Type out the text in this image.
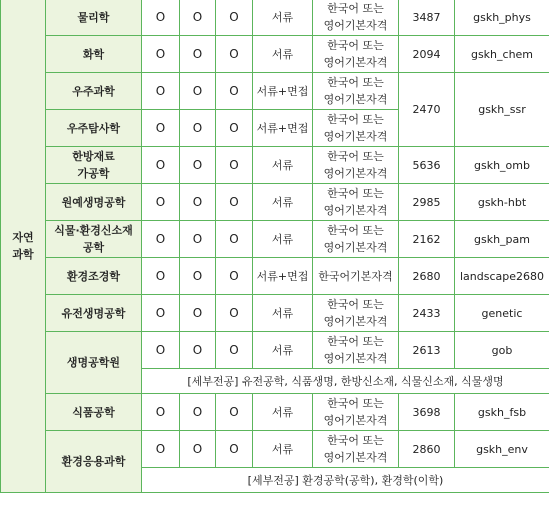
자연
과학	물리학	O	O	O	서류	한국어 또는
영어기본자격	3487	gskh_phys
	화학	O	O	O	서류	한국어 또는
영어기본자격	2094	gskh_chem
	우주과학	O	O	O	서류+면접	한국어 또는
영어기본자격	2470	gskh_ssr
	우주탐사학	O	O	O	서류+면접	한국어 또는
영어기본자격		
	한방재료
가공학	O	O	O	서류	한국어 또는
영어기본자격	5636	gskh_omb
	원예생명공학	O	O	O	서류	한국어 또는
영어기본자격	2985	gskh-hbt
	식물·환경신소재
공학	O	O	O	서류	한국어 또는
영어기본자격	2162	gskh_pam
	환경조경학	O	O	O	서류+면접	한국어기본자격	2680	landscape2680
	유전생명공학	O	O	O	서류	한국어 또는
영어기본자격	2433	genetic
	생명공학원	O	O	O	서류	한국어 또는
영어기본자격	2613	gob
		[세부전공] 유전공학, 식품생명, 한방신소재, 식물신소재, 식물생명						
	식품공학	O	O	O	서류	한국어 또는
영어기본자격	3698	gskh_fsb
	환경응용과학	O	O	O	서류	한국어 또는
영어기본자격	2860	gskh_env
		[세부전공] 환경공학(공학), 환경학(이학)						
